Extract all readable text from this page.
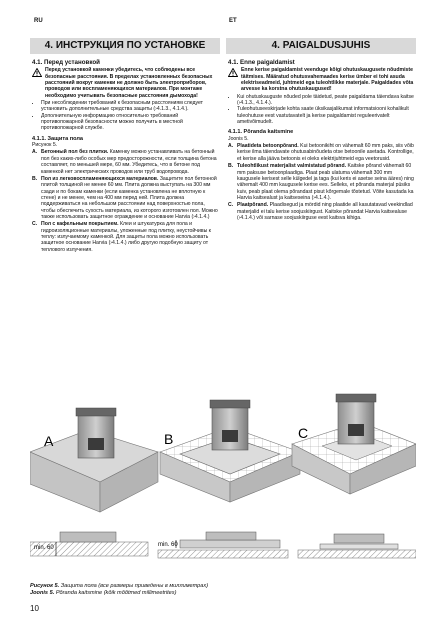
RU	ET
4. ИНСТРУКЦИЯ ПО УСТАНОВКЕ	4. PAIGALDUSJUHIS
4.1. Перед установкой

Перед установкой каменки убедитесь, что соблюдены все безопасные расстояния. В пределах установленных безопасных расстояний вокруг каменки не должно быть электроприборов, проводов или воспламеняющихся материалов. При монтаже необходимо учитывать безопасные расстояния дымохода!

• При несоблюдении требований к безопасным расстояниям следует установить дополнительные средства защиты (›4.1.3., 4.1.4.).
• Дополнительную информацию относительно требований противопожарной безопасности можно получить в местной противопожарной службе.
4.1.1. Защита пола

Рисунок 5.

A. Бетонный пол без плитки. Каменку можно устанавливать на бетонный пол без каких-либо особых мер предосторожности, если толщина бетона составляет, по меньшей мере, 60 мм. Убедитесь, что в бетоне под каменкой нет электрических проводов или труб водопровода.

B. Пол из легковоспламеняющихся материалов. Защитите пол бетонной плитой толщиной не менее 60 мм. Плита должна выступать на 300 мм сзади и по бокам каменки (если каменка установлена не вплотную к стене) и не менее, чем на 400 мм перед ней. Плита должна поддерживаться на небольшом расстоянии над поверхностью пола, чтобы обеспечить сухость материала, из которого изготовлен пол. Можно также использовать защитное ограждение и основание Harvia (›4.1.4.)

C. Пол с кафельным покрытием. Клеи и штукатурка для пола и гидроизоляционные материалы, уложенные под плитку, неустойчивы к теплу: излучаемому каменкой. Для защиты пола можно использовать защитное основание Harvia (›4.1.4.) либо другую подобную защиту от теплового излучения.

4.1. Enne paigaldamist

Enne kerise paigaldamist veenduge kõigi ohutuskaugusete nõudmiste täitmises. Määratud ohutusvahemaades kerise ümber ei tohi asuda elektriseadmeid, juhtmeid ega tuleohtlikke materjale. Paigaldades võta arvesse ka korstna ohutuskaugused!

• Kui ohutuskauguste nõuded pole täidetud, peate paigaldama täiendava kaitse (›4.1.3., 4.1.4.).
• Tuleohutuseeskirjade kohta saate üksikasjalikumat informatsiooni kohalikult tuleohutuse eest vastutavatelt ja kerise paigaldamist reguleerivatelt ametivõimudelt.
4.1.1. Põranda kaitsmine

Joonis 5.

A. Plaatideta betoonpõrand. Kui betoonikiht on vähemalt 60 mm paks, siis võib kerise ilma täiendavate ohutusabinõudeta otse betoonile asetada. Kontrollige, et kerise alla jääva betoonis ei oleks elektrijuhtmeid ega veetorusid.

B. Tuleohtlikust materjalist valmistatud põrand. Kaitske põrand vähemalt 60 mm paksuse betoonplaadiga. Plaat peab ulatuma vähemalt 300 mm kaugusele kerisest selle külgedel ja taga (kui keris ei asetse seina ääres) ning vähemalt 400 mm kaugusele kerise ees. Selleks, et põranda materjal püsiks kuiv, peab plaat olema põrandast pisut kõrgemale tõstetud. Võite kasutada ka Harvia kaitsealust ja kaitseseina (›4.1.4.).

C. Plaatpõrand. Plaadisegud ja mördid ning plaatide all kasutatavad veekindlad materjalid ei talu kerise soojuskiirgust. Kaitske põrandat Harvia kaitsealuse (›4.1.4.) või sarnase soojuskiirguse eest kaitsva kihiga.

A	B	C
min. 60	min. 60
Рисунок 5. Защита пола (все размеры приведены в миллиметрах)
Joonis 5. Põranda kaitsmine (kõik mõõtmed millimeetrites)
10
